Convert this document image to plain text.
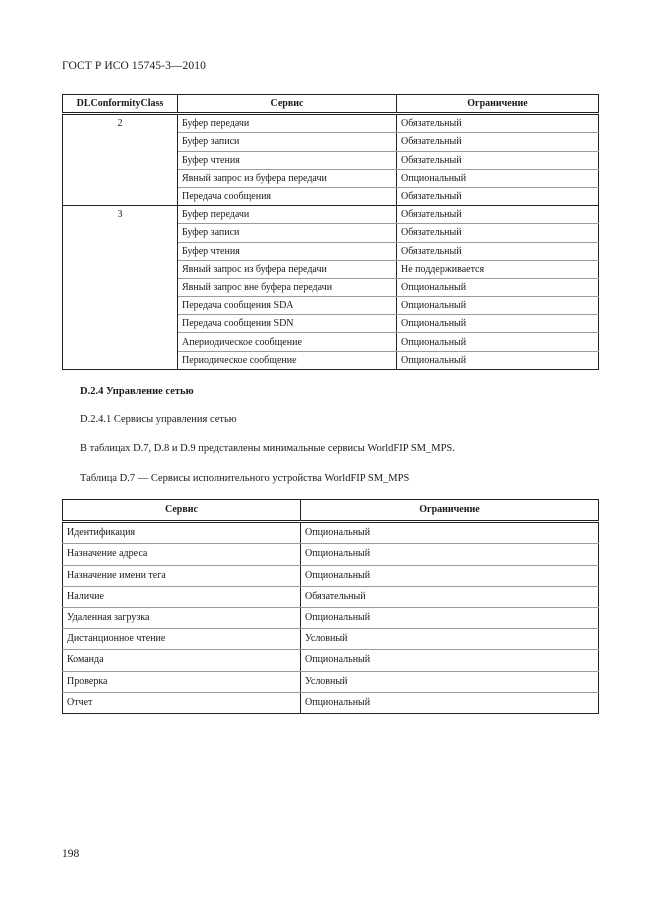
ГОСТ Р ИСО 15745-3—2010
DLConformityClass	Сервис	Ограничение
2	Буфер передачи	Обязательный
	Буфер записи	Обязательный
	Буфер чтения	Обязательный
	Явный запрос из буфера передачи	Опциональный
	Передача сообщения	Обязательный
3	Буфер передачи	Обязательный
	Буфер записи	Обязательный
	Буфер чтения	Обязательный
	Явный запрос из буфера передачи	Не поддерживается
	Явный запрос вне буфера передачи	Опциональный
	Передача сообщения SDA	Опциональный
	Передача сообщения SDN	Опциональный
	Апериодическое сообщение	Опциональный
	Периодическое сообщение	Опциональный
D.2.4 Управление сетью
D.2.4.1 Сервисы управления сетью
В таблицах D.7, D.8 и D.9 представлены минимальные сервисы WorldFIP SM_MPS.
Таблица D.7 — Сервисы исполнительного устройства WorldFIP SM_MPS
Сервис	Ограничение
Идентификация	Опциональный
Назначение адреса	Опциональный
Назначение имени тега	Опциональный
Наличие	Обязательный
Удаленная загрузка	Опциональный
Дистанционное чтение	Условный
Команда	Опциональный
Проверка	Условный
Отчет	Опциональный
198
